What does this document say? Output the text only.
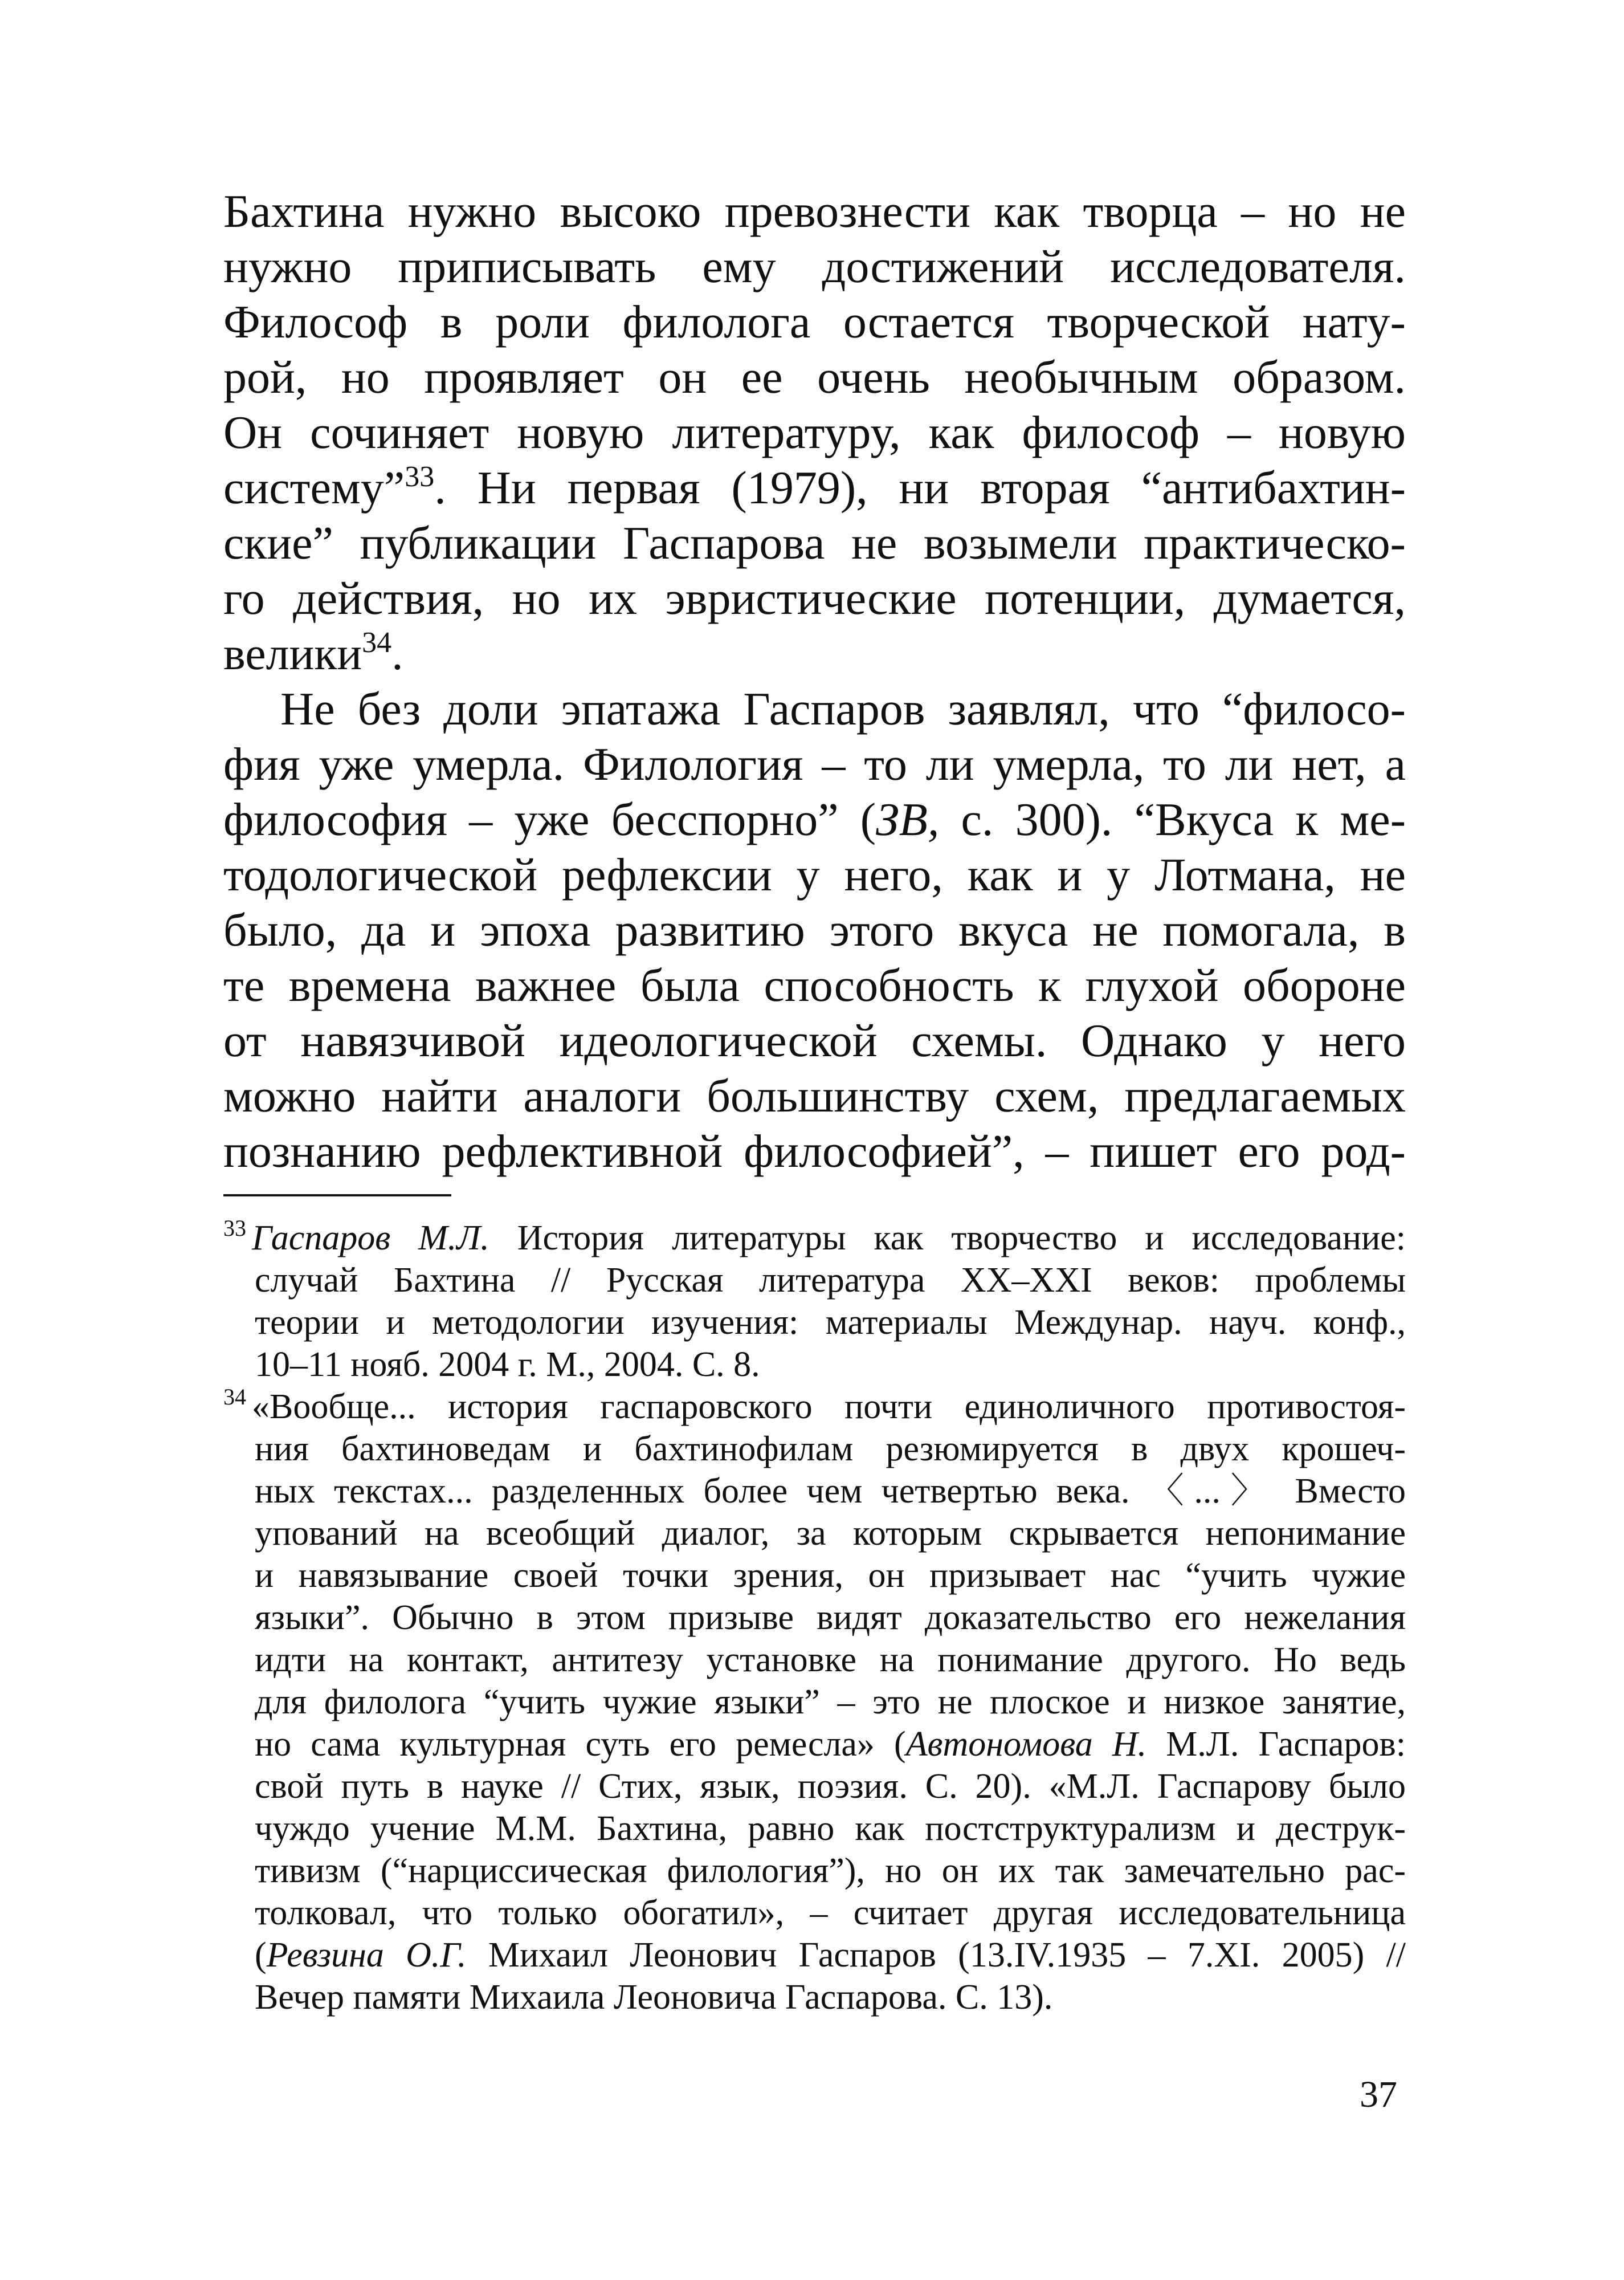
Бахтина нужно высоко превознести как творца – но не
нужно приписывать ему достижений исследователя.
Философ в роли филолога остается творческой нату-
рой, но проявляет он ее очень необычным образом.
Он сочиняет новую литературу, как философ – новую
систему”$^{33}$. Ни первая (1979), ни вторая “антибахтин-
ские” публикации Гаспарова не возымели практическо-
го действия, но их эвристические потенции, думается,
велики$^{34}$.
Не без доли эпатажа Гаспаров заявлял, что “филосо-
фия уже умерла. Филология – то ли умерла, то ли нет, а
философия – уже бесспорно” (ЗВ, с. 300). “Вкуса к ме-
тодологической рефлексии у него, как и у Лотмана, не
было, да и эпоха развитию этого вкуса не помогала, в
те времена важнее была способность к глухой обороне
от навязчивой идеологической схемы. Однако у него
можно найти аналоги большинству схем, предлагаемых
познанию рефлективной философией”, – пишет его род-
$^{33}$ Гаспаров М.Л. История литературы как творчество и исследование:
случай Бахтина // Русская литература XX–XXI веков: проблемы
теории и методологии изучения: материалы Междунар. науч. конф.,
10–11 нояб. 2004 г. М., 2004. С. 8.
$^{34}$ «Вообще... история гаспаровского почти единоличного противостоя-
ния бахтиноведам и бахтинофилам резюмируется в двух крошеч-
ных текстах... разделенных более чем четвертью века. 〈...〉 Вместо
упований на всеобщий диалог, за которым скрывается непонимание
и навязывание своей точки зрения, он призывает нас “учить чужие
языки”. Обычно в этом призыве видят доказательство его нежелания
идти на контакт, антитезу установке на понимание другого. Но ведь
для филолога “учить чужие языки” – это не плоское и низкое занятие,
но сама культурная суть его ремесла» (Автономова Н. М.Л. Гаспаров:
свой путь в науке // Стих, язык, поэзия. С. 20). «М.Л. Гаспарову было
чуждо учение М.М. Бахтина, равно как постструктурализм и деструк-
тивизм (“нарциссическая филология”), но он их так замечательно рас-
толковал, что только обогатил», – считает другая исследовательница
(Ревзина О.Г. Михаил Леонович Гаспаров (13.IV.1935 – 7.XI. 2005) //
Вечер памяти Михаила Леоновича Гаспарова. С. 13).
37
